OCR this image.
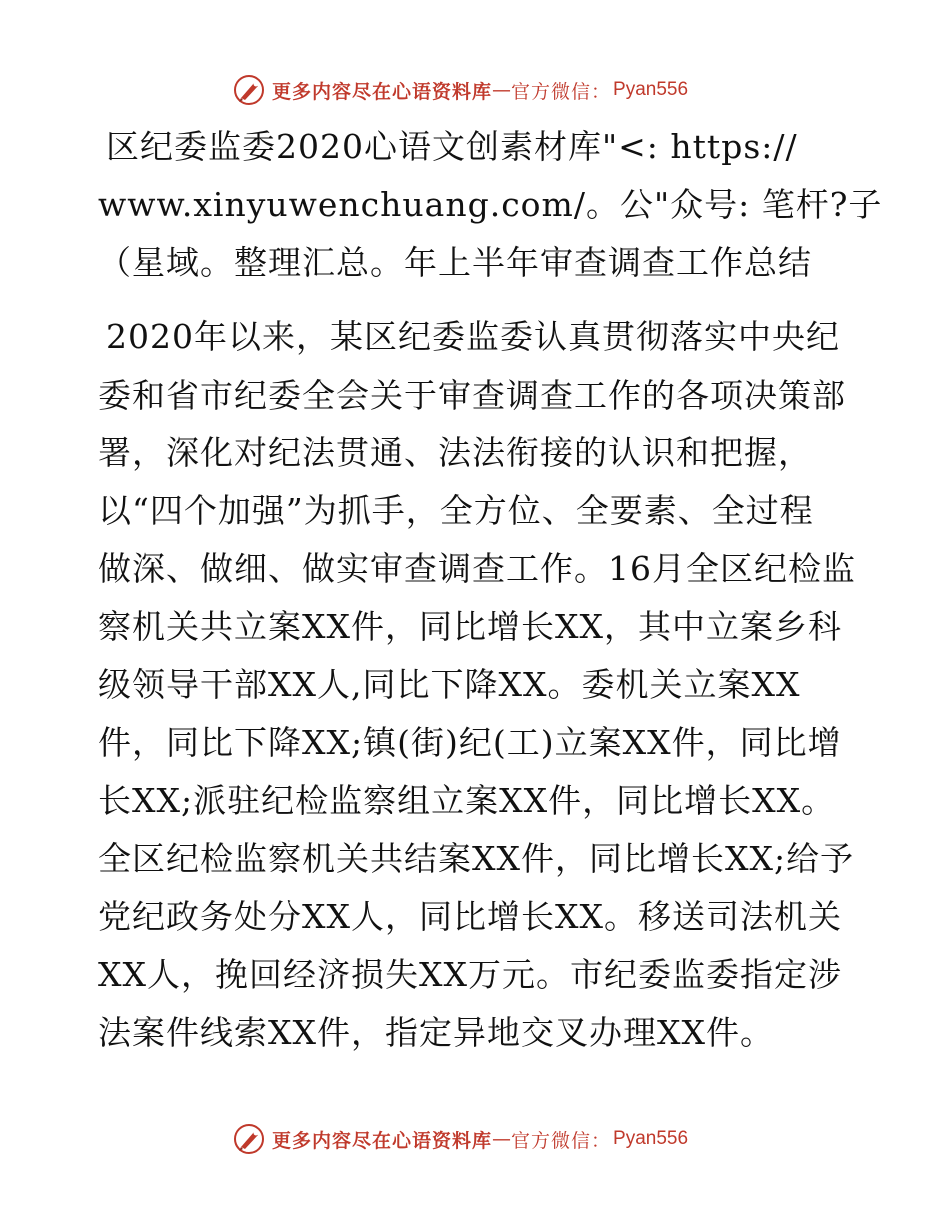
更多内容尽在心语资料库 — 官方微信： Pyan556
区纪委监委2020心语文创素材库"<: https://
www.xinyuwenchuang.com/。公"众号: 笔杆?子
（星域。整理汇总。年上半年审查调查工作总结
2020年以来，某区纪委监委认真贯彻落实中央纪
委和省市纪委全会关于审查调查工作的各项决策部
署，深化对纪法贯通、法法衔接的认识和把握，
以“四个加强”为抓手，全方位、全要素、全过程
做深、做细、做实审查调查工作。16月全区纪检监
察机关共立案XX件，同比增长XX，其中立案乡科
级领导干部XX人,同比下降XX。委机关立案XX
件，同比下降XX;镇(街)纪(工)立案XX件，同比增
长XX;派驻纪检监察组立案XX件，同比增长XX。
全区纪检监察机关共结案XX件，同比增长XX;给予
党纪政务处分XX人，同比增长XX。移送司法机关
XX人，挽回经济损失XX万元。市纪委监委指定涉
法案件线索XX件，指定异地交叉办理XX件。
更多内容尽在心语资料库 — 官方微信： Pyan556
